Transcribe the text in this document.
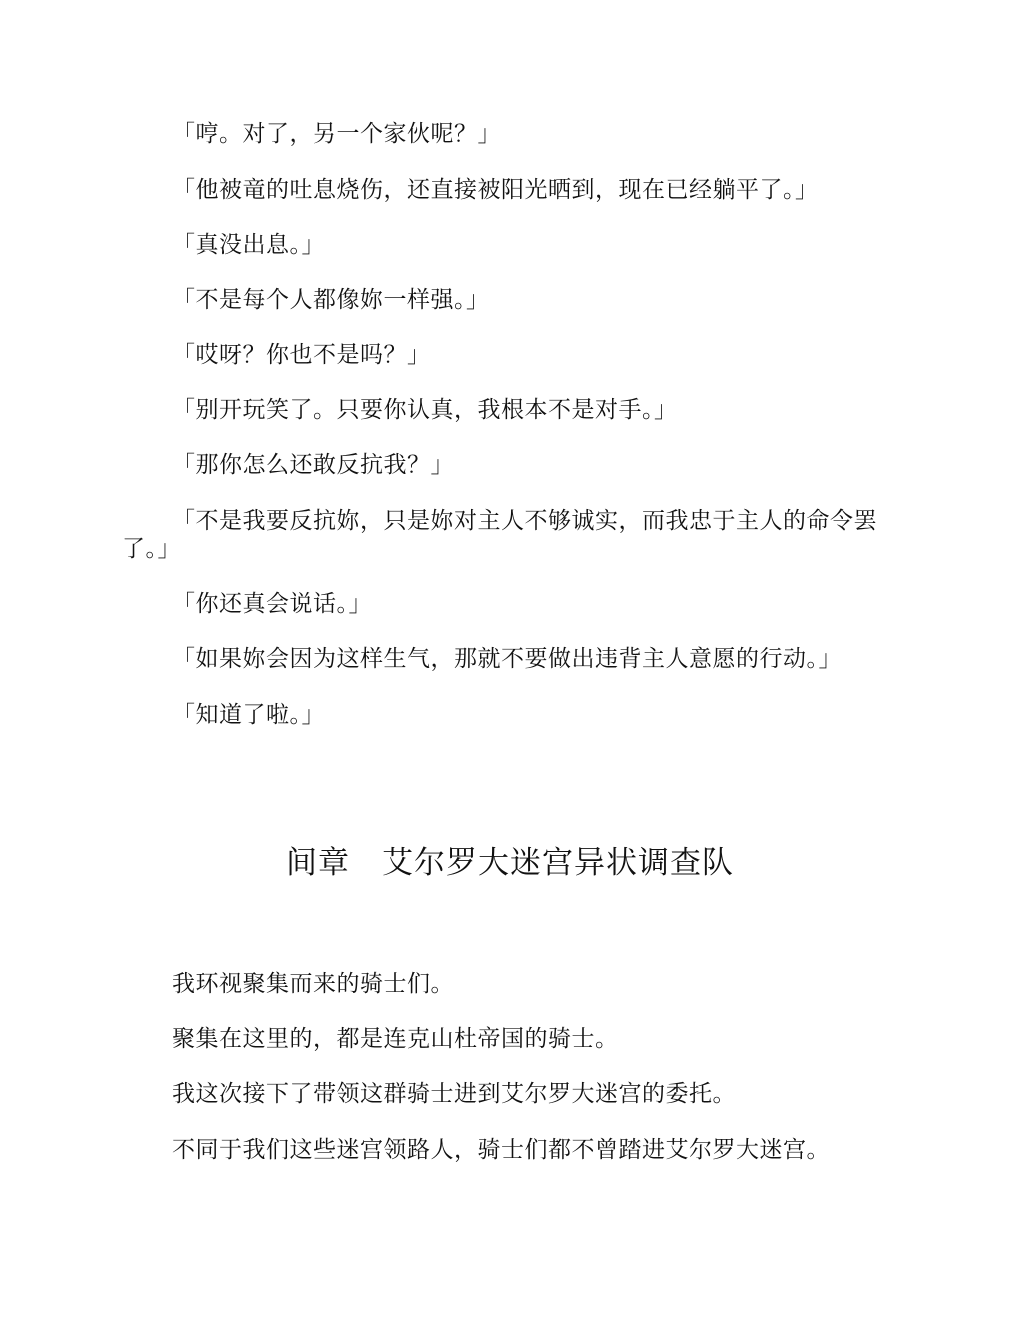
「哼。对了，另一个家伙呢？」

「他被竜的吐息烧伤，还直接被阳光晒到，现在已经躺平了。」

「真没出息。」

「不是每个人都像妳一样强。」

「哎呀？你也不是吗？」

「别开玩笑了。只要你认真，我根本不是对手。」

「那你怎么还敢反抗我？」

「不是我要反抗妳，只是妳对主人不够诚实，而我忠于主人的命令罢了。」

「你还真会说话。」

「如果妳会因为这样生气，那就不要做出违背主人意愿的行动。」

「知道了啦。」

间章　艾尔罗大迷宫异状调查队

我环视聚集而来的骑士们。

聚集在这里的，都是连克山杜帝国的骑士。

我这次接下了带领这群骑士进到艾尔罗大迷宫的委托。

不同于我们这些迷宫领路人，骑士们都不曾踏进艾尔罗大迷宫。
